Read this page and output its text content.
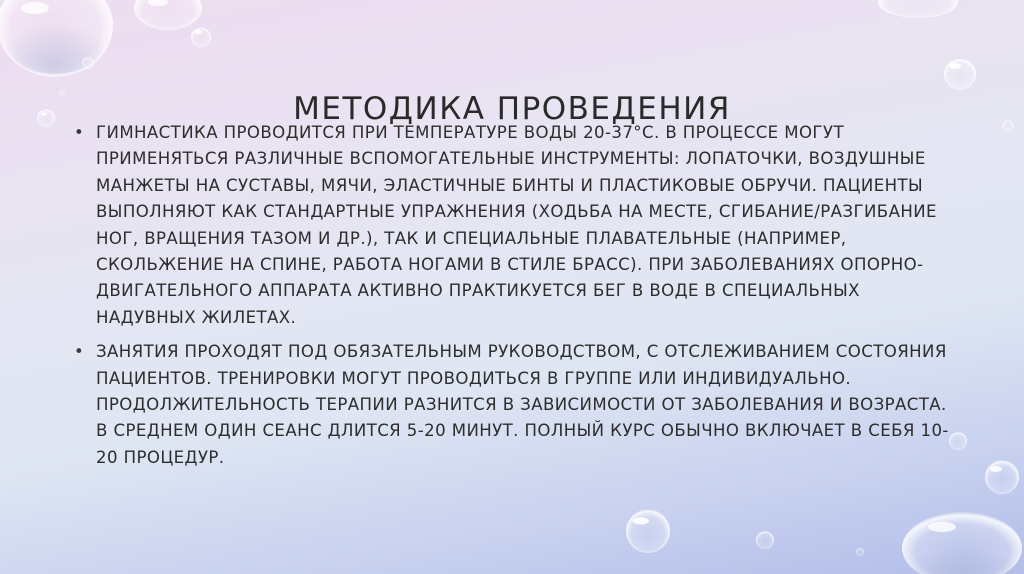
МЕТОДИКА ПРОВЕДЕНИЯ
• ГИМНАСТИКА ПРОВОДИТСЯ ПРИ ТЕМПЕРАТУРЕ ВОДЫ 20-37°C. В ПРОЦЕССЕ МОГУТ ПРИМЕНЯТЬСЯ РАЗЛИЧНЫЕ ВСПОМОГАТЕЛЬНЫЕ ИНСТРУМЕНТЫ: ЛОПАТОЧКИ, ВОЗДУШНЫЕ МАНЖЕТЫ НА СУСТАВЫ, МЯЧИ, ЭЛАСТИЧНЫЕ БИНТЫ И ПЛАСТИКОВЫЕ ОБРУЧИ. ПАЦИЕНТЫ ВЫПОЛНЯЮТ КАК СТАНДАРТНЫЕ УПРАЖНЕНИЯ (ХОДЬБА НА МЕСТЕ, СГИБАНИЕ/РАЗГИБАНИЕ НОГ, ВРАЩЕНИЯ ТАЗОМ И ДР.), ТАК И СПЕЦИАЛЬНЫЕ ПЛАВАТЕЛЬНЫЕ (НАПРИМЕР, СКОЛЬЖЕНИЕ НА СПИНЕ, РАБОТА НОГАМИ В СТИЛЕ БРАСС). ПРИ ЗАБОЛЕВАНИЯХ ОПОРНО-ДВИГАТЕЛЬНОГО АППАРАТА АКТИВНО ПРАКТИКУЕТСЯ БЕГ В ВОДЕ В СПЕЦИАЛЬНЫХ НАДУВНЫХ ЖИЛЕТАХ.
• ЗАНЯТИЯ ПРОХОДЯТ ПОД ОБЯЗАТЕЛЬНЫМ РУКОВОДСТВОМ, С ОТСЛЕЖИВАНИЕМ СОСТОЯНИЯ ПАЦИЕНТОВ. ТРЕНИРОВКИ МОГУТ ПРОВОДИТЬСЯ В ГРУППЕ ИЛИ ИНДИВИДУАЛЬНО. ПРОДОЛЖИТЕЛЬНОСТЬ ТЕРАПИИ РАЗНИТСЯ В ЗАВИСИМОСТИ ОТ ЗАБОЛЕВАНИЯ И ВОЗРАСТА. В СРЕДНЕМ ОДИН СЕАНС ДЛИТСЯ 5-20 МИНУТ. ПОЛНЫЙ КУРС ОБЫЧНО ВКЛЮЧАЕТ В СЕБЯ 10-20 ПРОЦЕДУР.
